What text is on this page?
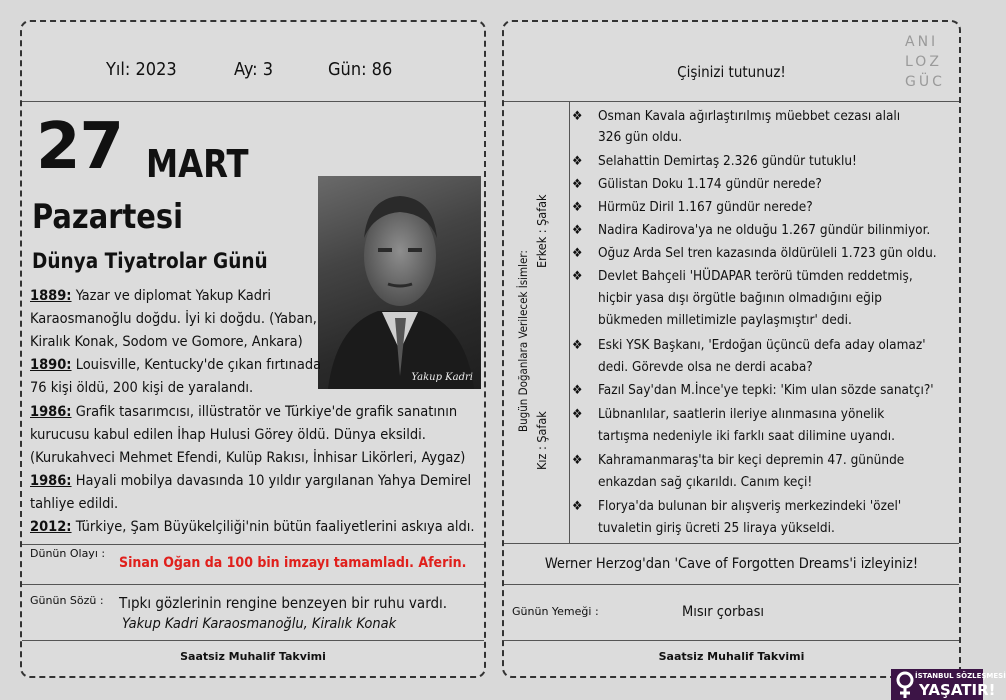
Yıl: 2023	Ay: 3	Gün: 86
27 MART
Pazartesi
Dünya Tiyatrolar Günü
Yakup Kadri
1889: Yazar ve diplomat Yakup Kadri
Karaosmanoğlu doğdu. İyi ki doğdu. (Yaban,
Kiralık Konak, Sodom ve Gomore, Ankara)
1890: Louisville, Kentucky'de çıkan fırtınada
76 kişi öldü, 200 kişi de yaralandı.
1986: Grafik tasarımcısı, illüstratör ve Türkiye'de grafik sanatının
kurucusu kabul edilen İhap Hulusi Görey öldü. Dünya eksildi.
(Kurukahveci Mehmet Efendi, Kulüp Rakısı, İnhisar Likörleri, Aygaz)
1986: Hayali mobilya davasında 10 yıldır yargılanan Yahya Demirel
tahliye edildi.
2012: Türkiye, Şam Büyükelçiliği'nin bütün faaliyetlerini askıya aldı.
Dünün Olayı :
Sinan Oğan da 100 bin imzayı tamamladı. Aferin.
Günün Sözü : Tıpkı gözlerinin rengine benzeyen bir ruhu vardı.
Yakup Kadri Karaosmanoğlu, Kiralık Konak
Saatsiz Muhalif Takvimi
Çişinizi tutunuz!
ANI
LOZ
GÜC
Bugün Doğanlara Verilecek İsimler:
Erkek : Şafak
Kız : Şafak
❖ Osman Kavala ağırlaştırılmış müebbet cezası alalı
326 gün oldu.
❖ Selahattin Demirtaş 2.326 gündür tutuklu!
❖ Gülistan Doku 1.174 gündür nerede?
❖ Hürmüz Diril 1.167 gündür nerede?
❖ Nadira Kadirova'ya ne olduğu 1.267 gündür bilinmiyor.
❖ Oğuz Arda Sel tren kazasında öldürüleli 1.723 gün oldu.
❖ Devlet Bahçeli 'HÜDAPAR terörü tümden reddetmiş,
hiçbir yasa dışı örgütle bağının olmadığını eğip
bükmeden milletimizle paylaşmıştır' dedi.
❖ Eski YSK Başkanı, 'Erdoğan üçüncü defa aday olamaz'
dedi. Görevde olsa ne derdi acaba?
❖ Fazıl Say'dan M.İnce'ye tepki: 'Kim ulan sözde sanatçı?'
❖ Lübnanlılar, saatlerin ileriye alınmasına yönelik
tartışma nedeniyle iki farklı saat dilimine uyandı.
❖ Kahramanmaraş'ta bir keçi depremin 47. gününde
enkazdan sağ çıkarıldı. Canım keçi!
❖ Florya'da bulunan bir alışveriş merkezindeki 'özel'
tuvaletin giriş ücreti 25 liraya yükseldi.
Werner Herzog'dan 'Cave of Forgotten Dreams'i izleyiniz!
Günün Yemeği :	Mısır çorbası
Saatsiz Muhalif Takvimi
İSTANBUL SÖZLEŞMESİ
YAŞATIR!
